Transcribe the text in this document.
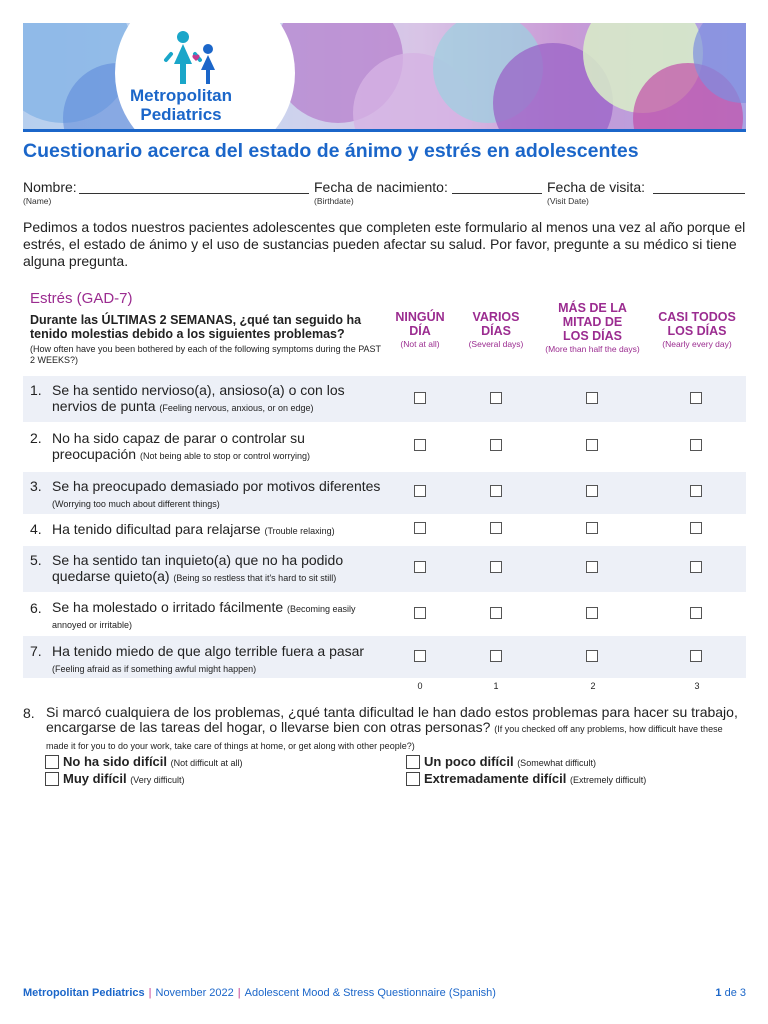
Metropolitan
Pediatrics
Cuestionario acerca del estado de ánimo y estrés en adolescentes
Nombre:
(Name)
Fecha de nacimiento:
(Birthdate)
Fecha de visita:
(Visit Date)
Pedimos a todos nuestros pacientes adolescentes que completen este formulario al menos una vez al año porque el estrés, el estado de ánimo y el uso de sustancias pueden afectar su salud. Por favor, pregunte a su médico si tiene alguna pregunta.
Estrés (GAD-7)
Durante las ÚLTIMAS 2 SEMANAS, ¿qué tan seguido ha tenido molestias debido a los siguientes problemas?
(How often have you been bothered by each of the following symptoms during the PAST 2 WEEKS?)
NINGÚN DÍA
(Not at all)
VARIOS DÍAS
(Several days)
MÁS DE LA MITAD DE LOS DÍAS
(More than half the days)
CASI TODOS LOS DÍAS
(Nearly every day)
1. Se ha sentido nervioso(a), ansioso(a) o con los nervios de punta (Feeling nervous, anxious, or on edge)
2. No ha sido capaz de parar o controlar su preocupación (Not being able to stop or control worrying)
3. Se ha preocupado demasiado por motivos diferentes
(Worrying too much about different things)
4. Ha tenido dificultad para relajarse (Trouble relaxing)
5. Se ha sentido tan inquieto(a) que no ha podido quedarse quieto(a) (Being so restless that it's hard to sit still)
6. Se ha molestado o irritado fácilmente (Becoming easily annoyed or irritable)
7. Ha tenido miedo de que algo terrible fuera a pasar
(Feeling afraid as if something awful might happen)
0	1	2	3
8. Si marcó cualquiera de los problemas, ¿qué tanta dificultad le han dado estos problemas para hacer su trabajo, encargarse de las tareas del hogar, o llevarse bien con otras personas? (If you checked off any problems, how difficult have these made it for you to do your work, take care of things at home, or get along with other people?)
No ha sido difícil (Not difficult at all)	Un poco difícil (Somewhat difficult)
Muy difícil (Very difficult)	Extremadamente difícil (Extremely difficult)
Metropolitan Pediatrics | November 2022 | Adolescent Mood & Stress Questionnaire (Spanish)	1 de 3
